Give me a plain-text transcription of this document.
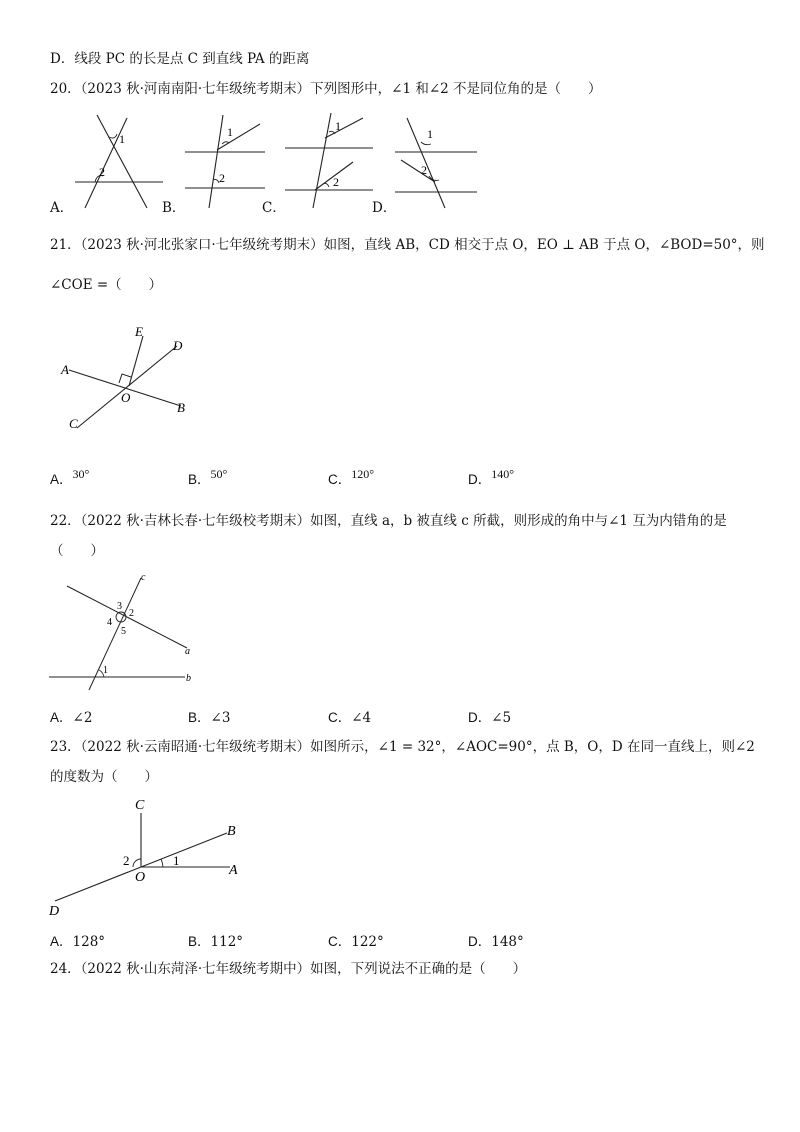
D．线段 PC 的长是点 C 到直线 PA 的距离
20．（2023 秋·河南南阳·七年级统考期末）下列图形中，∠1 和∠2 不是同位角的是（　　）
1
2
1
2
1
2
1
2
A．	B．	C．	D．
21．（2023 秋·河北张家口·七年级统考期末）如图，直线 AB，CD 相交于点 O，EO ⊥ AB 于点 O，∠BOD=50°，则
∠COE =（　　）
E
D
A
O
B
C
A．30°	B．50°	C．120°	D．140°
22．（2022 秋·吉林长春·七年级校考期末）如图，直线 a，b 被直线 c 所截，则形成的角中与∠1 互为内错角的是
（　　）
c
3
2
4
5
a
1
b
A．∠2	B．∠3	C．∠4	D．∠5
23．（2022 秋·云南昭通·七年级统考期末）如图所示，∠1 = 32°，∠AOC=90°，点 B，O，D 在同一直线上，则∠2
的度数为（　　）
C
B
2	1
O	A
D
A．128°	B．112°	C．122°	D．148°
24．（2022 秋·山东菏泽·七年级统考期中）如图，下列说法不正确的是（　　）
